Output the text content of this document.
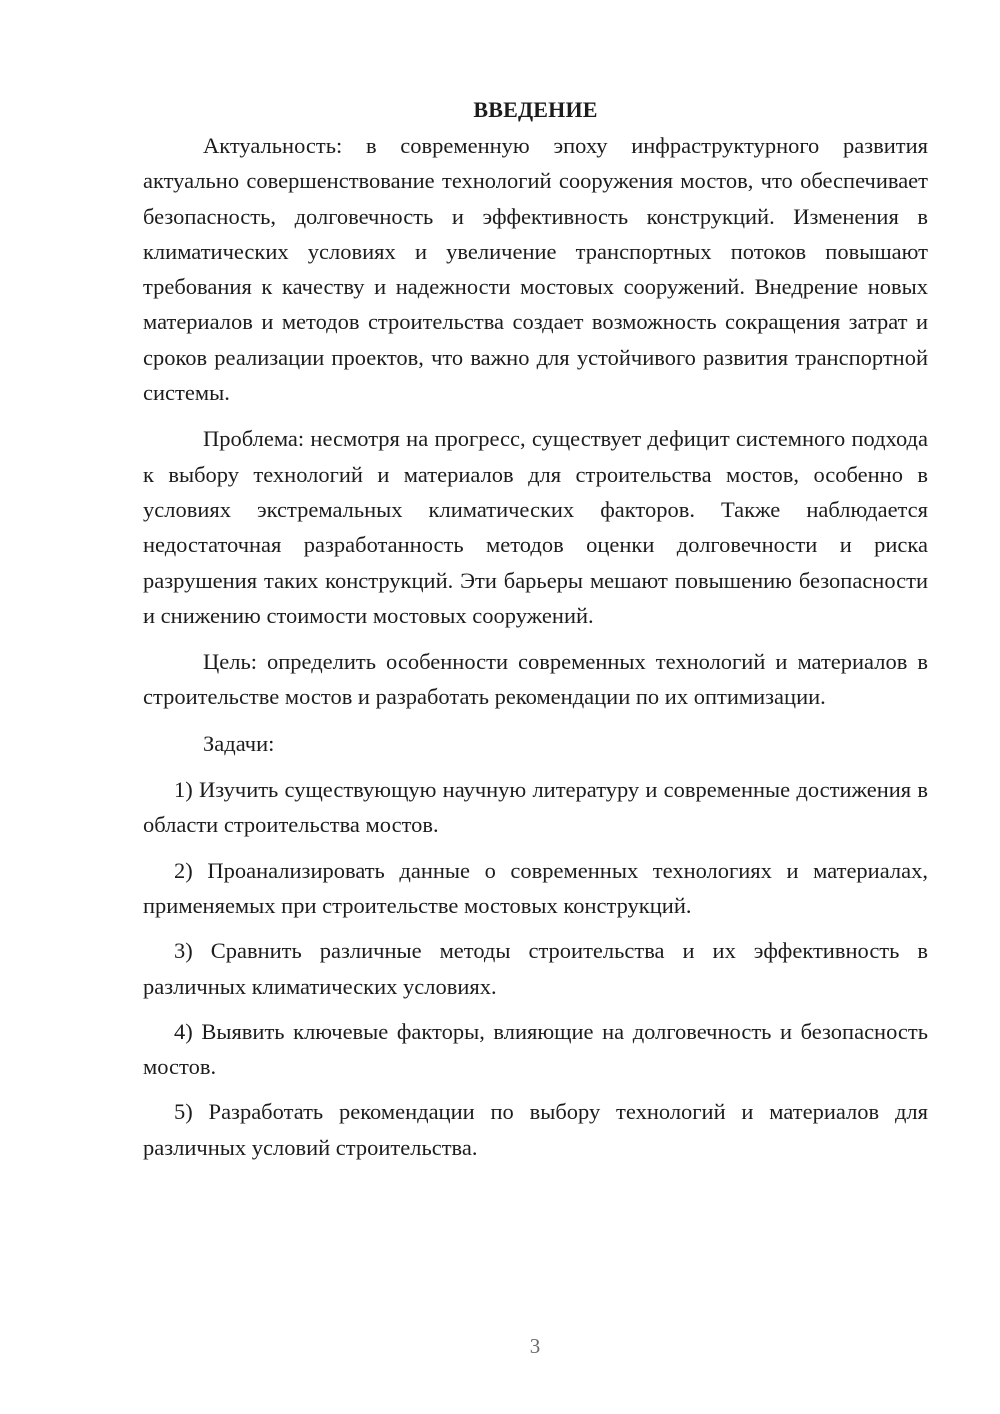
ВВЕДЕНИЕ

Актуальность: в современную эпоху инфраструктурного развития актуально совершенствование технологий сооружения мостов, что обеспечивает безопасность, долговечность и эффективность конструкций. Изменения в климатических условиях и увеличение транспортных потоков повышают требования к качеству и надежности мостовых сооружений. Внедрение новых материалов и методов строительства создает возможность сокращения затрат и сроков реализации проектов, что важно для устойчивого развития транспортной системы.

Проблема: несмотря на прогресс, существует дефицит системного подхода к выбору технологий и материалов для строительства мостов, особенно в условиях экстремальных климатических факторов. Также наблюдается недостаточная разработанность методов оценки долговечности и риска разрушения таких конструкций. Эти барьеры мешают повышению безопасности и снижению стоимости мостовых сооружений.

Цель: определить особенности современных технологий и материалов в строительстве мостов и разработать рекомендации по их оптимизации.

Задачи:

1) Изучить существующую научную литературу и современные достижения в области строительства мостов.

2) Проанализировать данные о современных технологиях и материалах, применяемых при строительстве мостовых конструкций.

3) Сравнить различные методы строительства и их эффективность в различных климатических условиях.

4) Выявить ключевые факторы, влияющие на долговечность и безопасность мостов.

5) Разработать рекомендации по выбору технологий и материалов для различных условий строительства.

3
